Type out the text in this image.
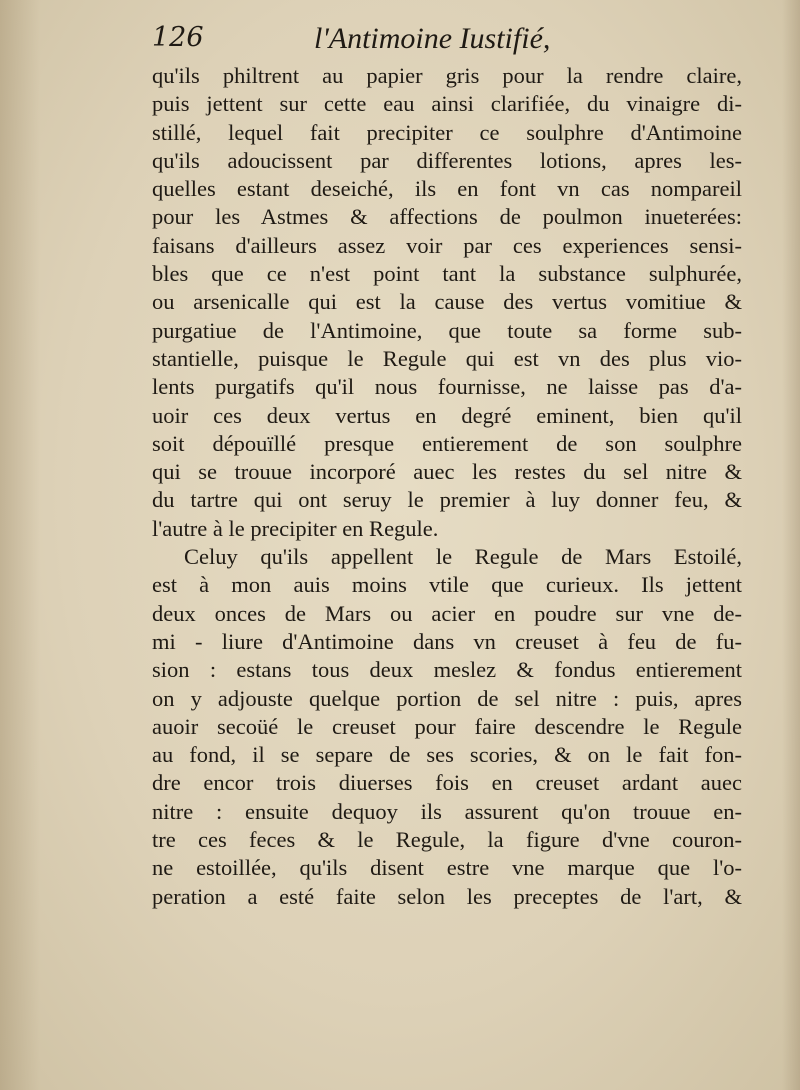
126	l'Antimoine Iustifié,
qu'ils philtrent au papier gris pour la rendre claire,
puis jettent sur cette eau ainsi clarifiée, du vinaigre di-
stillé, lequel fait precipiter ce soulphre d'Antimoine
qu'ils adoucissent par differentes lotions, apres les-
quelles estant deseiché, ils en font vn cas nompareil
pour les Astmes & affections de poulmon inueterées:
faisans d'ailleurs assez voir par ces experiences sensi-
bles que ce n'est point tant la substance sulphurée,
ou arsenicalle qui est la cause des vertus vomitiue &
purgatiue de l'Antimoine, que toute sa forme sub-
stantielle, puisque le Regule qui est vn des plus vio-
lents purgatifs qu'il nous fournisse, ne laisse pas d'a-
uoir ces deux vertus en degré eminent, bien qu'il
soit dépouïllé presque entierement de son soulphre
qui se trouue incorporé auec les restes du sel nitre &
du tartre qui ont seruy le premier à luy donner feu, &
l'autre à le precipiter en Regule.
Celuy qu'ils appellent le Regule de Mars Estoilé,
est à mon auis moins vtile que curieux. Ils jettent
deux onces de Mars ou acier en poudre sur vne de-
mi - liure d'Antimoine dans vn creuset à feu de fu-
sion : estans tous deux meslez & fondus entierement
on y adjouste quelque portion de sel nitre : puis, apres
auoir secoüé le creuset pour faire descendre le Regule
au fond, il se separe de ses scories, & on le fait fon-
dre encor trois diuerses fois en creuset ardant auec
nitre : ensuite dequoy ils assurent qu'on trouue en-
tre ces feces & le Regule, la figure d'vne couron-
ne estoillée, qu'ils disent estre vne marque que l'o-
peration a esté faite selon les preceptes de l'art, &
